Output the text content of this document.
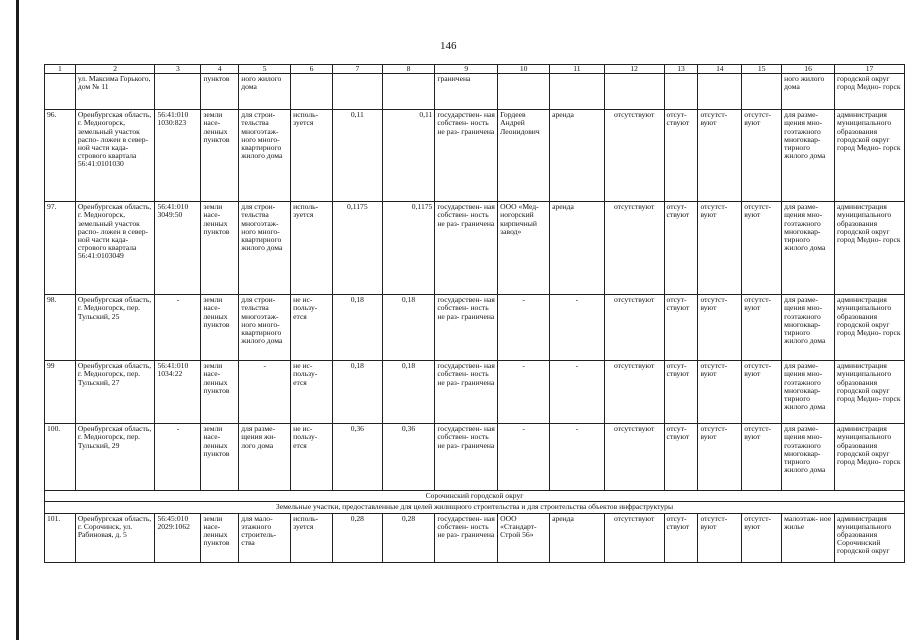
146
1	2	3	4	5	6	7	8	9	10	11	12	13	14	15	16	17
	ул. Максима Горького, дом № 11		пунктов	ного жилого дома				граничена							ного жилого дома	городской округ город Медно- горск
96.	Оренбургская область, г. Медногорск, земельный участок распо- ложен в север- ной части када- стрового квартала 56:41:0101030	56:41:010 1030:823	земли насе- ленных пунктов	для строи- тельства многоэтаж- ного много- квартирного жилого дома	исполь- зуется	0,11	0,11	государствен- ная собствен- ность не раз- граничена	Гордеев Андрей Леонидович	аренда	отсутствуют	отсут- ствуют	отсутст- вуют	отсутст- вуют	для разме- щения мно- гоэтажного многоквар- тирного жилого дома	администрация муниципального образования городской округ город Медно- горск
97.	Оренбургская область, г. Медногорск, земельный участок распо- ложен в север- ной части када- стрового квартала 56:41:0103049	56:41:010 3049:50	земли насе- ленных пунктов	для строи- тельства многоэтаж- ного много- квартирного жилого дома	исполь- зуется	0,1175	0,1175	государствен- ная собствен- ность не раз- граничена	ООО «Мед- ногорский кирпичный завод»	аренда	отсутствуют	отсут- ствуют	отсутст- вуют	отсутст- вуют	для разме- щения мно- гоэтажного многоквар- тирного жилого дома	администрация муниципального образования городской округ город Медно- горск
98.	Оренбургская область, г. Медногорск, пер. Тульский, 25	-	земли насе- ленных пунктов	для строи- тельства многоэтаж- ного много- квартирного жилого дома	не ис- пользу- ется	0,18	0,18	государствен- ная собствен- ность не раз- граничена	-	-	отсутствуют	отсут- ствуют	отсутст- вуют	отсутст- вуют	для разме- щения мно- гоэтажного многоквар- тирного жилого дома	администрация муниципального образования городской округ город Медно- горск
99	Оренбургская область, г. Медногорск, пер. Тульский, 27	56:41:010 1034:22	земли насе- ленных пунктов	-	не ис- пользу- ется	0,18	0,18	государствен- ная собствен- ность не раз- граничена	-	-	отсутствуют	отсут- ствуют	отсутст- вуют	отсутст- вуют	для разме- щения мно- гоэтажного многоквар- тирного жилого дома	администрация муниципального образования городской округ город Медно- горск
100.	Оренбургская область, г. Медногорск, пер. Тульский, 29	-	земли насе- ленных пунктов	для разме- щения жи- лого дома	не ис- пользу- ется	0,36	0,36	государствен- ная собствен- ность не раз- граничена	-	-	отсутствуют	отсут- ствуют	отсутст- вуют	отсутст- вуют	для разме- щения мно- гоэтажного многоквар- тирного жилого дома	администрация муниципального образования городской округ город Медно- горск
Сорочинский городской округ																
Земельные участки, предоставленные для целей жилищного строительства и для строительства объектов инфраструктуры																
101.	Оренбургская область, г. Сорочинск, ул. Рабиновая, д. 5	56:45:010 2029:1062	земли насе- ленных пунктов	для мало- этажного строитель- ства	исполь- зуется	0,28	0,28	государствен- ная собствен- ность не раз- граничена	ООО «Стандарт- Строй 56»	аренда	отсутствуют	отсут- ствуют	отсутст- вуют	отсутст- вуют	малоэтаж- ное жилье	администрация муниципального образования Сорочинский городской округ
